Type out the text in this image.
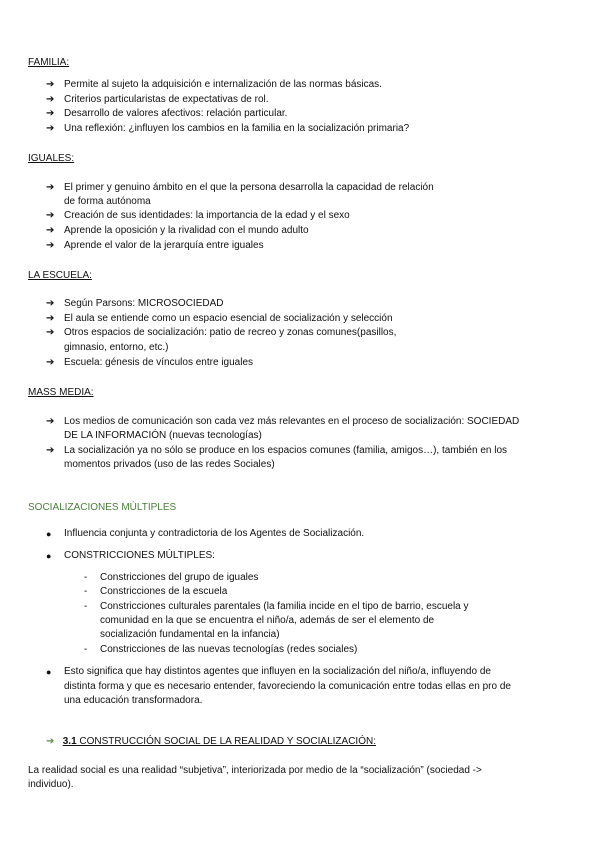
FAMILIA:
➔ Permite al sujeto la adquisición e internalización de las normas básicas.
➔ Criterios particularistas de expectativas de rol.
➔ Desarrollo de valores afectivos: relación particular.
➔ Una reflexión: ¿influyen los cambios en la familia en la socialización primaria?
IGUALES:
➔ El primer y genuino ámbito en el que la persona desarrolla la capacidad de relación
de forma autónoma
➔ Creación de sus identidades: la importancia de la edad y el sexo
➔ Aprende la oposición y la rivalidad con el mundo adulto
➔ Aprende el valor de la jerarquía entre iguales
LA ESCUELA:
➔ Según Parsons: MICROSOCIEDAD
➔ El aula se entiende como un espacio esencial de socialización y selección
➔ Otros espacios de socialización: patio de recreo y zonas comunes(pasillos,
gimnasio, entorno, etc.)
➔ Escuela: génesis de vínculos entre iguales
MASS MEDIA:
➔ Los medios de comunicación son cada vez más relevantes en el proceso de socialización: SOCIEDAD
DE LA INFORMACIÓN (nuevas tecnologías)
➔ La socialización ya no sólo se produce en los espacios comunes (familia, amigos…), también en los
momentos privados (uso de las redes Sociales)
SOCIALIZACIONES MÚLTIPLES
● Influencia conjunta y contradictoria de los Agentes de Socialización.
● CONSTRICCIONES MÚLTIPLES:
- Constricciones del grupo de iguales
- Constricciones de la escuela
- Constricciones culturales parentales (la familia incide en el tipo de barrio, escuela y
comunidad en la que se encuentra el niño/a, además de ser el elemento de
socialización fundamental en la infancia)
- Constricciones de las nuevas tecnologías (redes sociales)
● Esto significa que hay distintos agentes que influyen en la socialización del niño/a, influyendo de
distinta forma y que es necesario entender, favoreciendo la comunicación entre todas ellas en pro de
una educación transformadora.
➔ 3.1 CONSTRUCCIÓN SOCIAL DE LA REALIDAD Y SOCIALIZACIÓN:
La realidad social es una realidad “subjetiva”, interiorizada por medio de la “socialización” (sociedad ->
individuo).
